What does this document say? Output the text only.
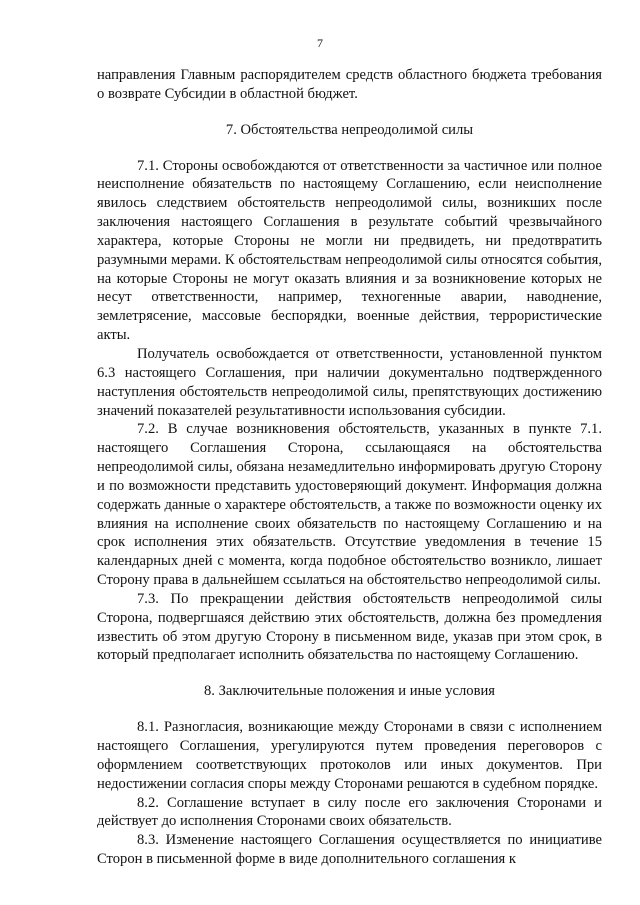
7

направления Главным распорядителем средств областного бюджета требования о возврате Субсидии в областной бюджет.

7. Обстоятельства непреодолимой силы

7.1. Стороны освобождаются от ответственности за частичное или полное неисполнение обязательств по настоящему Соглашению, если неисполнение явилось следствием обстоятельств непреодолимой силы, возникших после заключения настоящего Соглашения в результате событий чрезвычайного характера, которые Стороны не могли ни предвидеть, ни предотвратить разумными мерами. К обстоятельствам непреодолимой силы относятся события, на которые Стороны не могут оказать влияния и за возникновение которых не несут ответственности, например, техногенные аварии, наводнение, землетрясение, массовые беспорядки, военные действия, террористические акты.

Получатель освобождается от ответственности, установленной пунктом 6.3 настоящего Соглашения, при наличии документально подтвержденного наступления обстоятельств непреодолимой силы, препятствующих достижению значений показателей результативности использования субсидии.

7.2. В случае возникновения обстоятельств, указанных в пункте 7.1. настоящего Соглашения Сторона, ссылающаяся на обстоятельства непреодолимой силы, обязана незамедлительно информировать другую Сторону и по возможности представить удостоверяющий документ. Информация должна содержать данные о характере обстоятельств, а также по возможности оценку их влияния на исполнение своих обязательств по настоящему Соглашению и на срок исполнения этих обязательств. Отсутствие уведомления в течение 15 календарных дней с момента, когда подобное обстоятельство возникло, лишает Сторону права в дальнейшем ссылаться на обстоятельство непреодолимой силы.

7.3. По прекращении действия обстоятельств непреодолимой силы Сторона, подвергшаяся действию этих обстоятельств, должна без промедления известить об этом другую Сторону в письменном виде, указав при этом срок, в который предполагает исполнить обязательства по настоящему Соглашению.

8. Заключительные положения и иные условия

8.1. Разногласия, возникающие между Сторонами в связи с исполнением настоящего Соглашения, урегулируются путем проведения переговоров с оформлением соответствующих протоколов или иных документов. При недостижении согласия споры между Сторонами решаются в судебном порядке.

8.2. Соглашение вступает в силу после его заключения Сторонами и действует до исполнения Сторонами своих обязательств.

8.3. Изменение настоящего Соглашения осуществляется по инициативе Сторон в письменной форме в виде дополнительного соглашения к
